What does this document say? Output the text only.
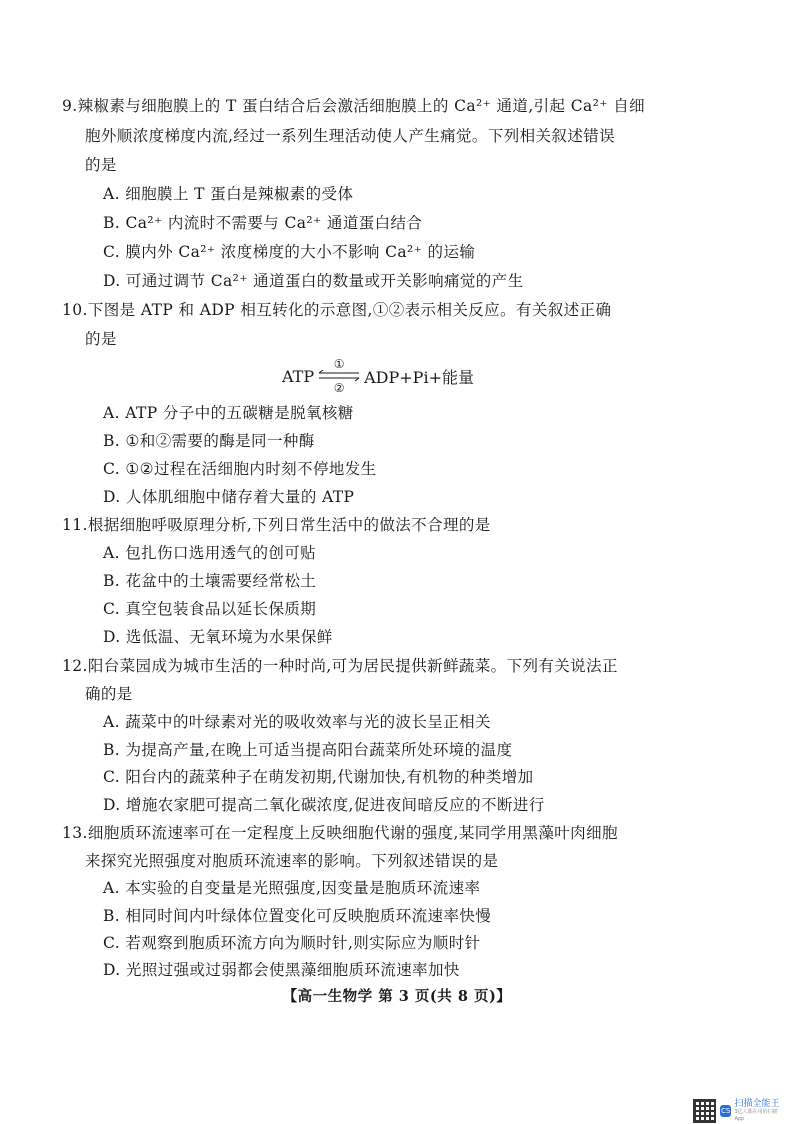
9.辣椒素与细胞膜上的 T 蛋白结合后会激活细胞膜上的 Ca²⁺ 通道,引起 Ca²⁺ 自细
胞外顺浓度梯度内流,经过一系列生理活动使人产生痛觉。下列相关叙述错误
的是
A. 细胞膜上 T 蛋白是辣椒素的受体
B. Ca²⁺ 内流时不需要与 Ca²⁺ 通道蛋白结合
C. 膜内外 Ca²⁺ 浓度梯度的大小不影响 Ca²⁺ 的运输
D. 可通过调节 Ca²⁺ 通道蛋白的数量或开关影响痛觉的产生
10.下图是 ATP 和 ADP 相互转化的示意图,①②表示相关反应。有关叙述正确
的是
ATP
①
②
ADP+Pi+能量
A. ATP 分子中的五碳糖是脱氧核糖
B. ①和②需要的酶是同一种酶
C. ①②过程在活细胞内时刻不停地发生
D. 人体肌细胞中储存着大量的 ATP
11.根据细胞呼吸原理分析,下列日常生活中的做法不合理的是
A. 包扎伤口选用透气的创可贴
B. 花盆中的土壤需要经常松土
C. 真空包装食品以延长保质期
D. 选低温、无氧环境为水果保鲜
12.阳台菜园成为城市生活的一种时尚,可为居民提供新鲜蔬菜。下列有关说法正
确的是
A. 蔬菜中的叶绿素对光的吸收效率与光的波长呈正相关
B. 为提高产量,在晚上可适当提高阳台蔬菜所处环境的温度
C. 阳台内的蔬菜种子在萌发初期,代谢加快,有机物的种类增加
D. 增施农家肥可提高二氧化碳浓度,促进夜间暗反应的不断进行
13.细胞质环流速率可在一定程度上反映细胞代谢的强度,某同学用黑藻叶肉细胞
来探究光照强度对胞质环流速率的影响。下列叙述错误的是
A. 本实验的自变量是光照强度,因变量是胞质环流速率
B. 相同时间内叶绿体位置变化可反映胞质环流速率快慢
C. 若观察到胞质环流方向为顺时针,则实际应为顺时针
D. 光照过强或过弱都会使黑藻细胞质环流速率加快
【高一生物学 第 3 页(共 8 页)】
CS
扫描全能王
3亿人都在用的扫描App
